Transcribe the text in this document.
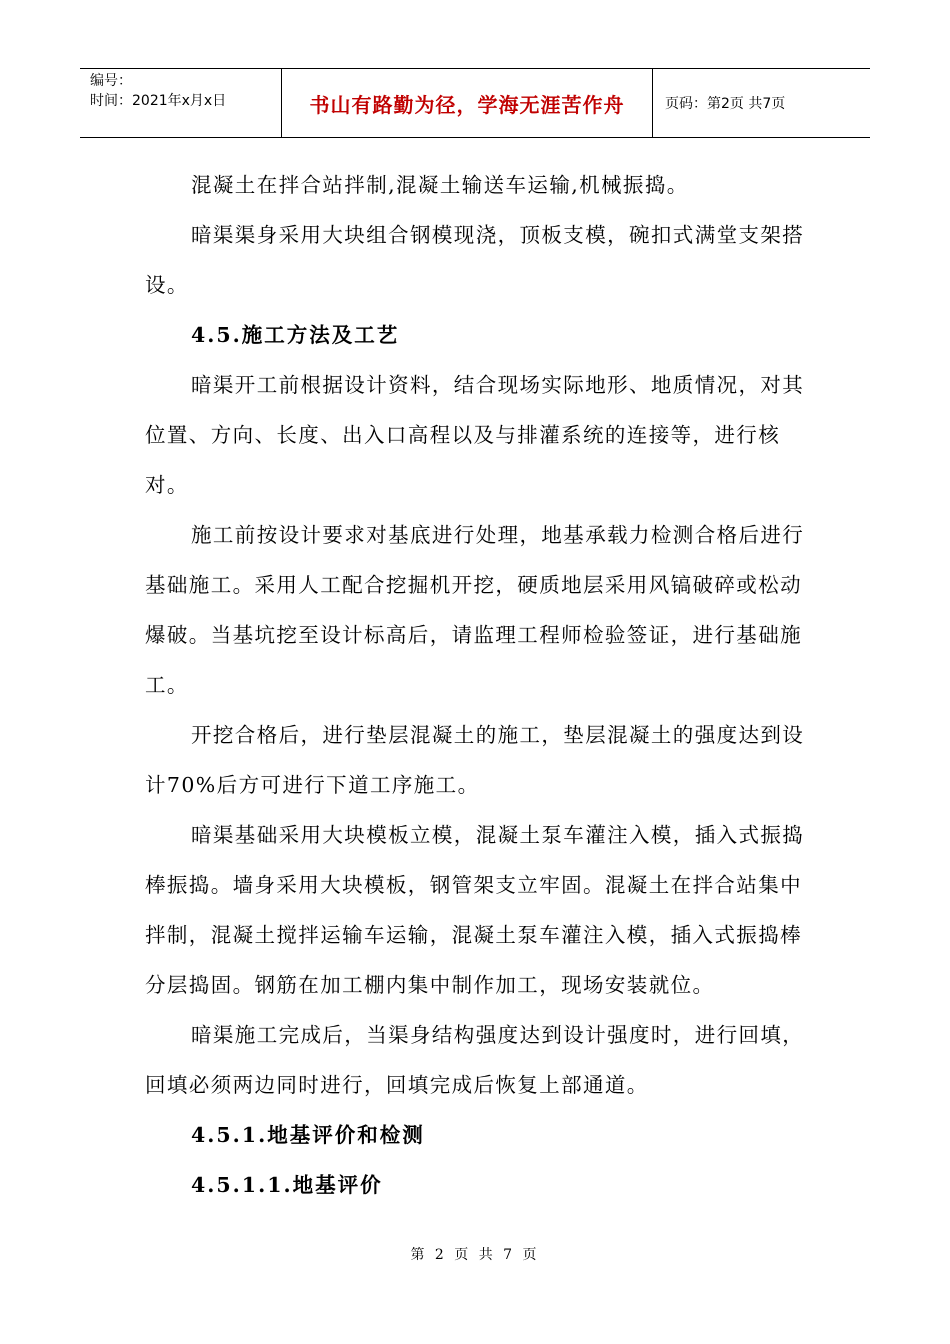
编号：
时间：2021年x月x日	书山有路勤为径，学海无涯苦作舟	页码：第2页 共7页

混凝土在拌合站拌制,混凝土输送车运输,机械振捣。

暗渠渠身采用大块组合钢模现浇，顶板支模，碗扣式满堂支架搭设。

4.5.施工方法及工艺

暗渠开工前根据设计资料，结合现场实际地形、地质情况，对其位置、方向、长度、出入口高程以及与排灌系统的连接等，进行核对。

施工前按设计要求对基底进行处理，地基承载力检测合格后进行基础施工。采用人工配合挖掘机开挖，硬质地层采用风镐破碎或松动爆破。当基坑挖至设计标高后，请监理工程师检验签证，进行基础施工。

开挖合格后，进行垫层混凝土的施工，垫层混凝土的强度达到设计70%后方可进行下道工序施工。

暗渠基础采用大块模板立模，混凝土泵车灌注入模，插入式振捣棒振捣。墙身采用大块模板，钢管架支立牢固。混凝土在拌合站集中拌制，混凝土搅拌运输车运输，混凝土泵车灌注入模，插入式振捣棒分层捣固。钢筋在加工棚内集中制作加工，现场安装就位。

暗渠施工完成后，当渠身结构强度达到设计强度时，进行回填，回填必须两边同时进行，回填完成后恢复上部通道。

4.5.1.地基评价和检测

4.5.1.1.地基评价

第 2 页 共 7 页
